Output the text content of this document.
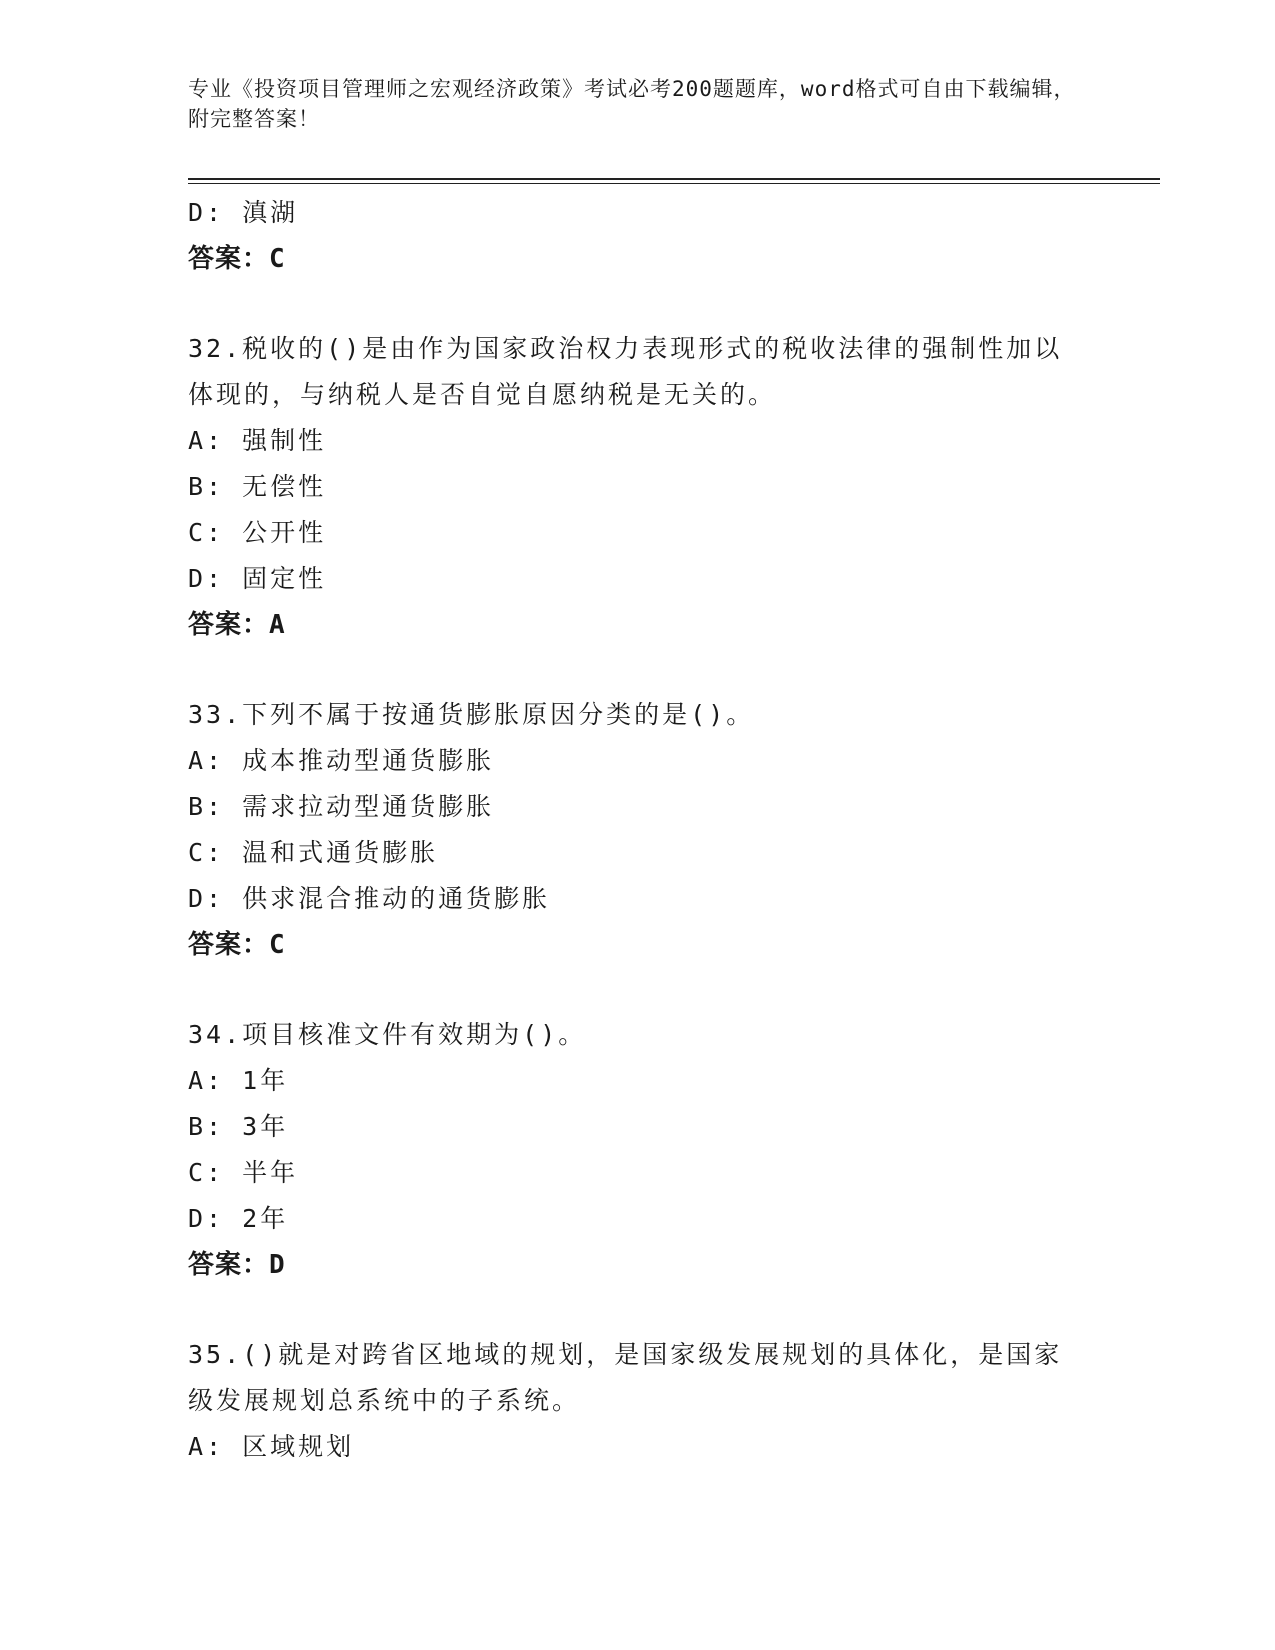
专业《投资项目管理师之宏观经济政策》考试必考200题题库，word格式可自由下载编辑，附完整答案！
D: 滇湖
答案：C
32.税收的()是由作为国家政治权力表现形式的税收法律的强制性加以体现的，与纳税人是否自觉自愿纳税是无关的。
A: 强制性
B: 无偿性
C: 公开性
D: 固定性
答案：A
33.下列不属于按通货膨胀原因分类的是()。
A: 成本推动型通货膨胀
B: 需求拉动型通货膨胀
C: 温和式通货膨胀
D: 供求混合推动的通货膨胀
答案：C
34.项目核准文件有效期为()。
A: 1年
B: 3年
C: 半年
D: 2年
答案：D
35.()就是对跨省区地域的规划，是国家级发展规划的具体化，是国家级发展规划总系统中的子系统。
A: 区域规划
